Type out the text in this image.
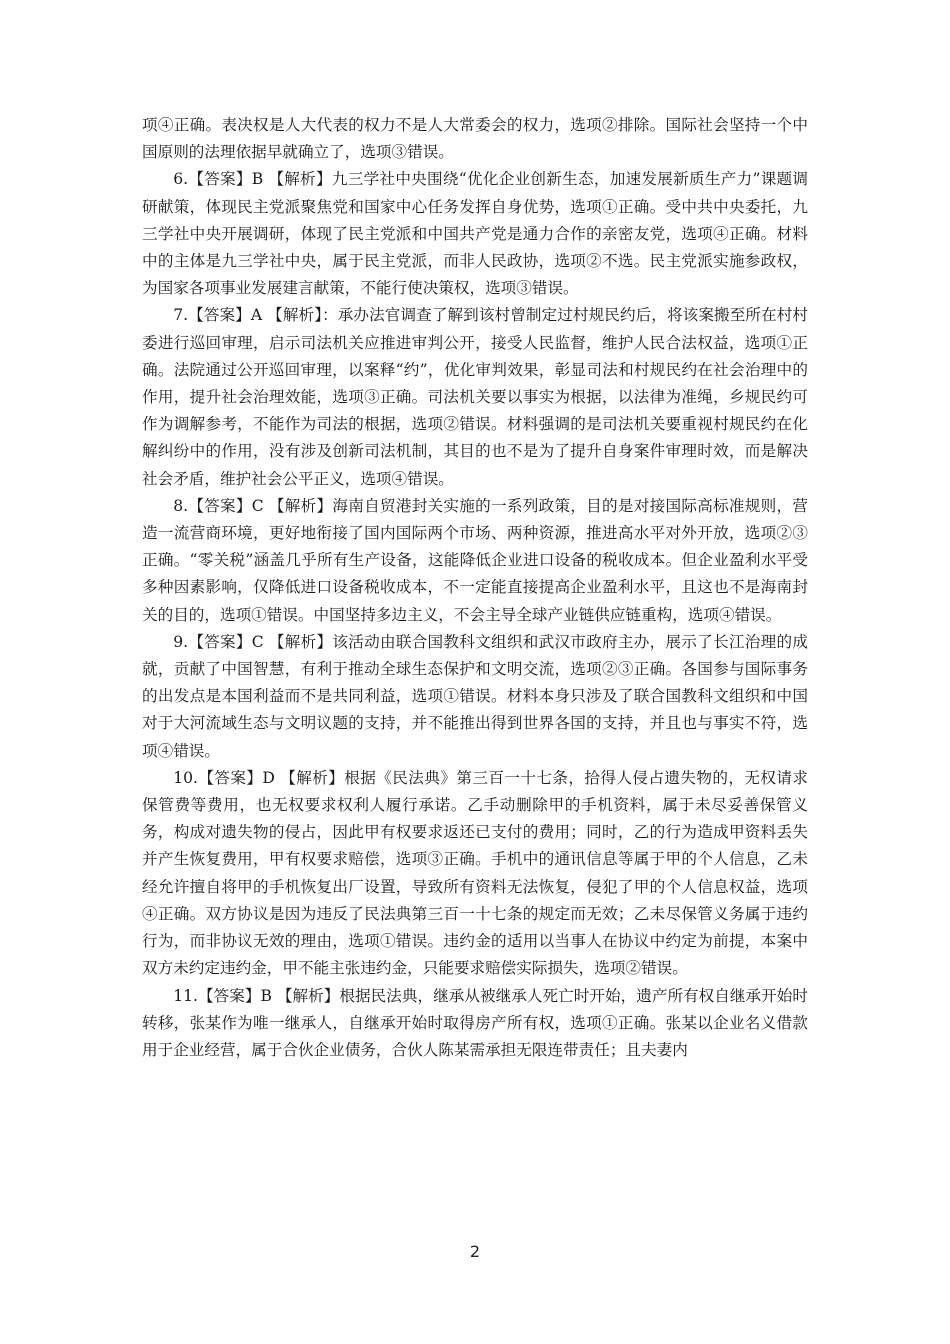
项④正确。表决权是人大代表的权力不是人大常委会的权力，选项②排除。国际社会坚持一个中国原则的法理依据早就确立了，选项③错误。

6.【答案】B 【解析】九三学社中央围绕“优化企业创新生态，加速发展新质生产力”课题调研献策，体现民主党派聚焦党和国家中心任务发挥自身优势，选项①正确。受中共中央委托，九三学社中央开展调研，体现了民主党派和中国共产党是通力合作的亲密友党，选项④正确。材料中的主体是九三学社中央，属于民主党派，而非人民政协，选项②不选。民主党派实施参政权，为国家各项事业发展建言献策，不能行使决策权，选项③错误。

7.【答案】A 【解析】：承办法官调查了解到该村曾制定过村规民约后，将该案搬至所在村村委进行巡回审理，启示司法机关应推进审判公开，接受人民监督，维护人民合法权益，选项①正确。法院通过公开巡回审理，以案释“约”，优化审判效果，彰显司法和村规民约在社会治理中的作用，提升社会治理效能，选项③正确。司法机关要以事实为根据，以法律为准绳，乡规民约可作为调解参考，不能作为司法的根据，选项②错误。材料强调的是司法机关要重视村规民约在化解纠纷中的作用，没有涉及创新司法机制，其目的也不是为了提升自身案件审理时效，而是解决社会矛盾，维护社会公平正义，选项④错误。

8.【答案】C 【解析】海南自贸港封关实施的一系列政策，目的是对接国际高标准规则，营造一流营商环境，更好地衔接了国内国际两个市场、两种资源，推进高水平对外开放，选项②③正确。“零关税”涵盖几乎所有生产设备，这能降低企业进口设备的税收成本。但企业盈利水平受多种因素影响，仅降低进口设备税收成本，不一定能直接提高企业盈利水平，且这也不是海南封关的目的，选项①错误。中国坚持多边主义，不会主导全球产业链供应链重构，选项④错误。

9.【答案】C 【解析】该活动由联合国教科文组织和武汉市政府主办，展示了长江治理的成就，贡献了中国智慧，有利于推动全球生态保护和文明交流，选项②③正确。各国参与国际事务的出发点是本国利益而不是共同利益，选项①错误。材料本身只涉及了联合国教科文组织和中国对于大河流域生态与文明议题的支持，并不能推出得到世界各国的支持，并且也与事实不符，选项④错误。

10.【答案】D 【解析】根据《民法典》第三百一十七条，拾得人侵占遗失物的，无权请求保管费等费用，也无权要求权利人履行承诺。乙手动删除甲的手机资料，属于未尽妥善保管义务，构成对遗失物的侵占，因此甲有权要求返还已支付的费用；同时，乙的行为造成甲资料丢失并产生恢复费用，甲有权要求赔偿，选项③正确。手机中的通讯信息等属于甲的个人信息，乙未经允许擅自将甲的手机恢复出厂设置，导致所有资料无法恢复，侵犯了甲的个人信息权益，选项④正确。双方协议是因为违反了民法典第三百一十七条的规定而无效；乙未尽保管义务属于违约行为，而非协议无效的理由，选项①错误。违约金的适用以当事人在协议中约定为前提，本案中双方未约定违约金，甲不能主张违约金，只能要求赔偿实际损失，选项②错误。

11.【答案】B 【解析】根据民法典，继承从被继承人死亡时开始，遗产所有权自继承开始时转移，张某作为唯一继承人，自继承开始时取得房产所有权，选项①正确。张某以企业名义借款用于企业经营，属于合伙企业债务，合伙人陈某需承担无限连带责任；且夫妻内

2
